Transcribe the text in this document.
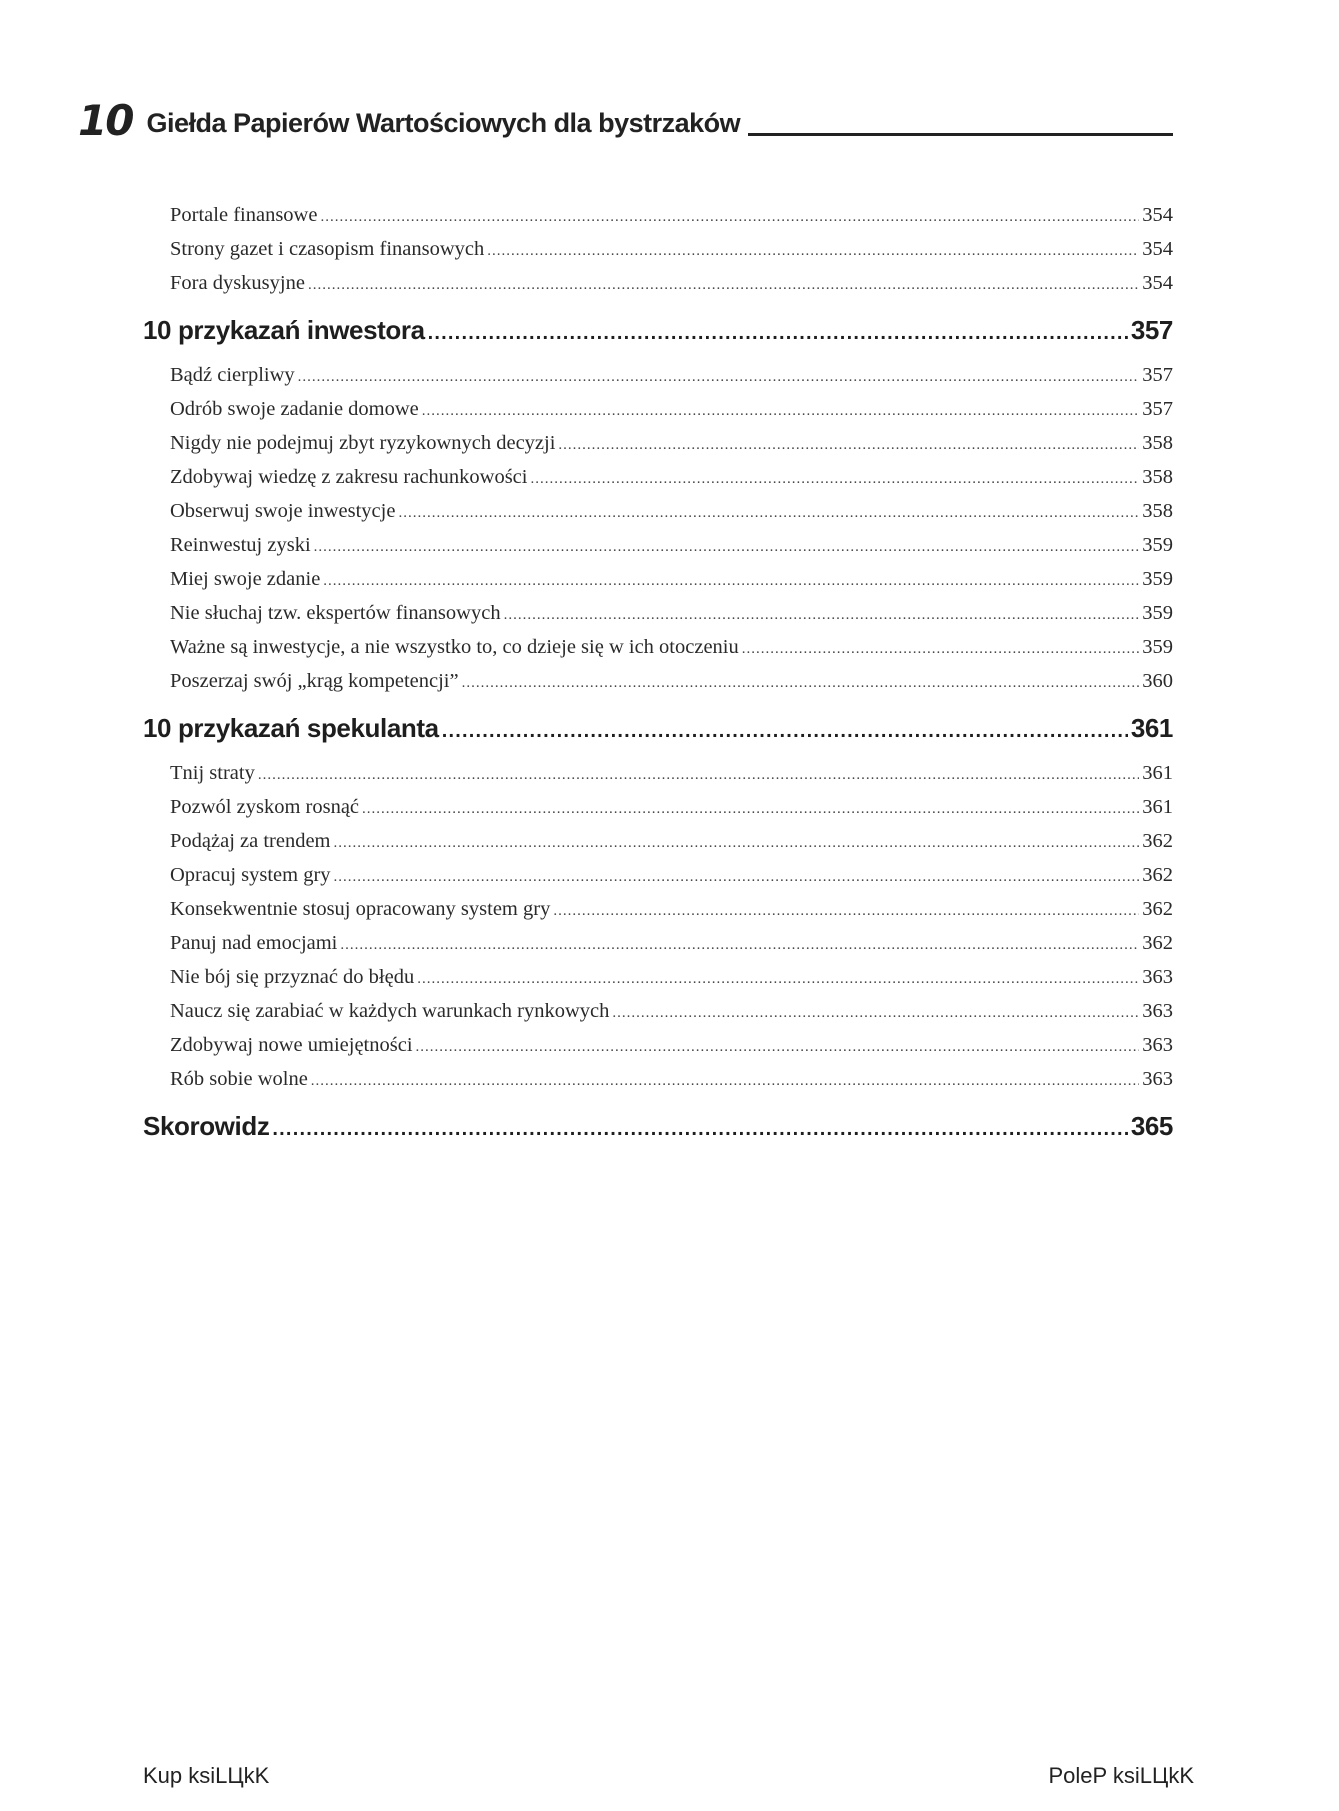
10 Giełda Papierów Wartościowych dla bystrzaków
Portale finansowe .....	354
Strony gazet i czasopism finansowych .....	354
Fora dyskusyjne .....	354
10 przykazań inwestora .....	357
Bądź cierpliwy .....	357
Odrób swoje zadanie domowe .....	357
Nigdy nie podejmuj zbyt ryzykownych decyzji .....	358
Zdobywaj wiedzę z zakresu rachunkowości .....	358
Obserwuj swoje inwestycje .....	358
Reinwestuj zyski .....	359
Miej swoje zdanie .....	359
Nie słuchaj tzw. ekspertów finansowych .....	359
Ważne są inwestycje, a nie wszystko to, co dzieje się w ich otoczeniu .....	359
Poszerzaj swój „krąg kompetencji” .....	360
10 przykazań spekulanta .....	361
Tnij straty .....	361
Pozwól zyskom rosnąć .....	361
Podążaj za trendem .....	362
Opracuj system gry .....	362
Konsekwentnie stosuj opracowany system gry .....	362
Panuj nad emocjami .....	362
Nie bój się przyznać do błędu .....	363
Naucz się zarabiać w każdych warunkach rynkowych .....	363
Zdobywaj nowe umiejętności .....	363
Rób sobie wolne .....	363
Skorowidz .....	365
Kup ksiLЦkK	PoleP ksiLЦkK
